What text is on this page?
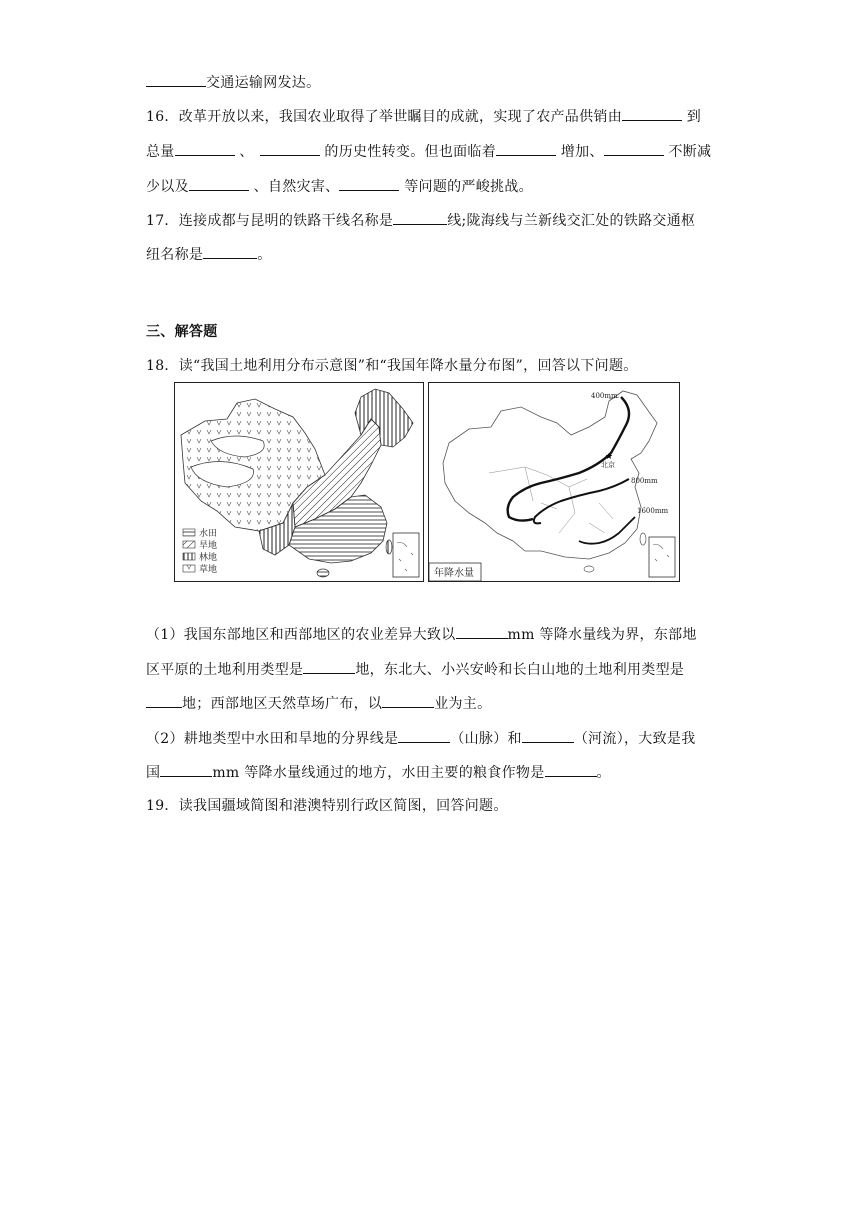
交通运输网发达。
16．改革开放以来，我国农业取得了举世瞩目的成就，实现了农产品供销由	到
总量	、	的历史性转变。但也面临着	增加、	不断减
少以及	、自然灾害、	等问题的严峻挑战。
17．连接成都与昆明的铁路干线名称是	线;陇海线与兰新线交汇处的铁路交通枢
纽名称是	。
三、解答题
18．读“我国土地利用分布示意图”和“我国年降水量分布图”，回答以下问题。
水田
旱地
林地
草地
400mm
800mm
1600mm
★
北京
年降水量
（1）我国东部地区和西部地区的农业差异大致以	mm 等降水量线为界，东部地
区平原的土地利用类型是	地，东北大、小兴安岭和长白山地的土地利用类型是
地；西部地区天然草场广布，以	业为主。
（2）耕地类型中水田和旱地的分界线是	（山脉）和	（河流），大致是我
国	mm 等降水量线通过的地方，水田主要的粮食作物是	。
19．读我国疆域简图和港澳特别行政区简图，回答问题。
